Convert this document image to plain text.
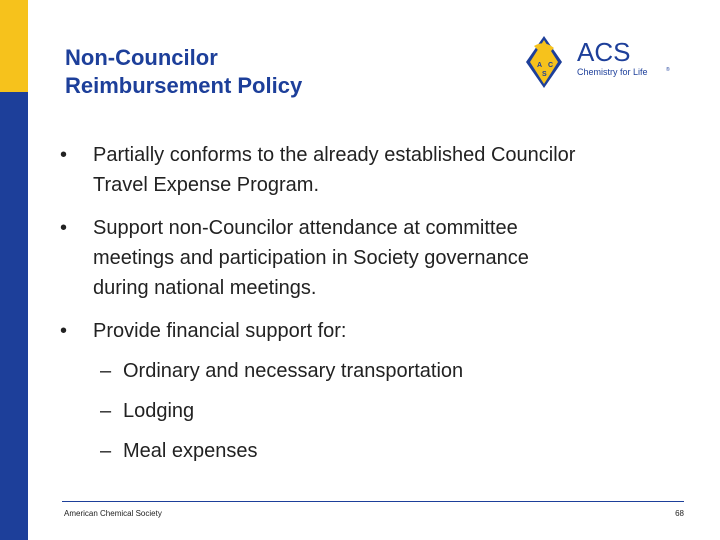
Non-Councilor
Reimbursement Policy
A C
S
ACS
Chemistry for Life	®
• Partially conforms to the already established Councilor
Travel Expense Program.
• Support non-Councilor attendance at committee
meetings and participation in Society governance
during national meetings.
• Provide financial support for:
– Ordinary and necessary transportation
– Lodging
– Meal expenses
American Chemical Society	68
